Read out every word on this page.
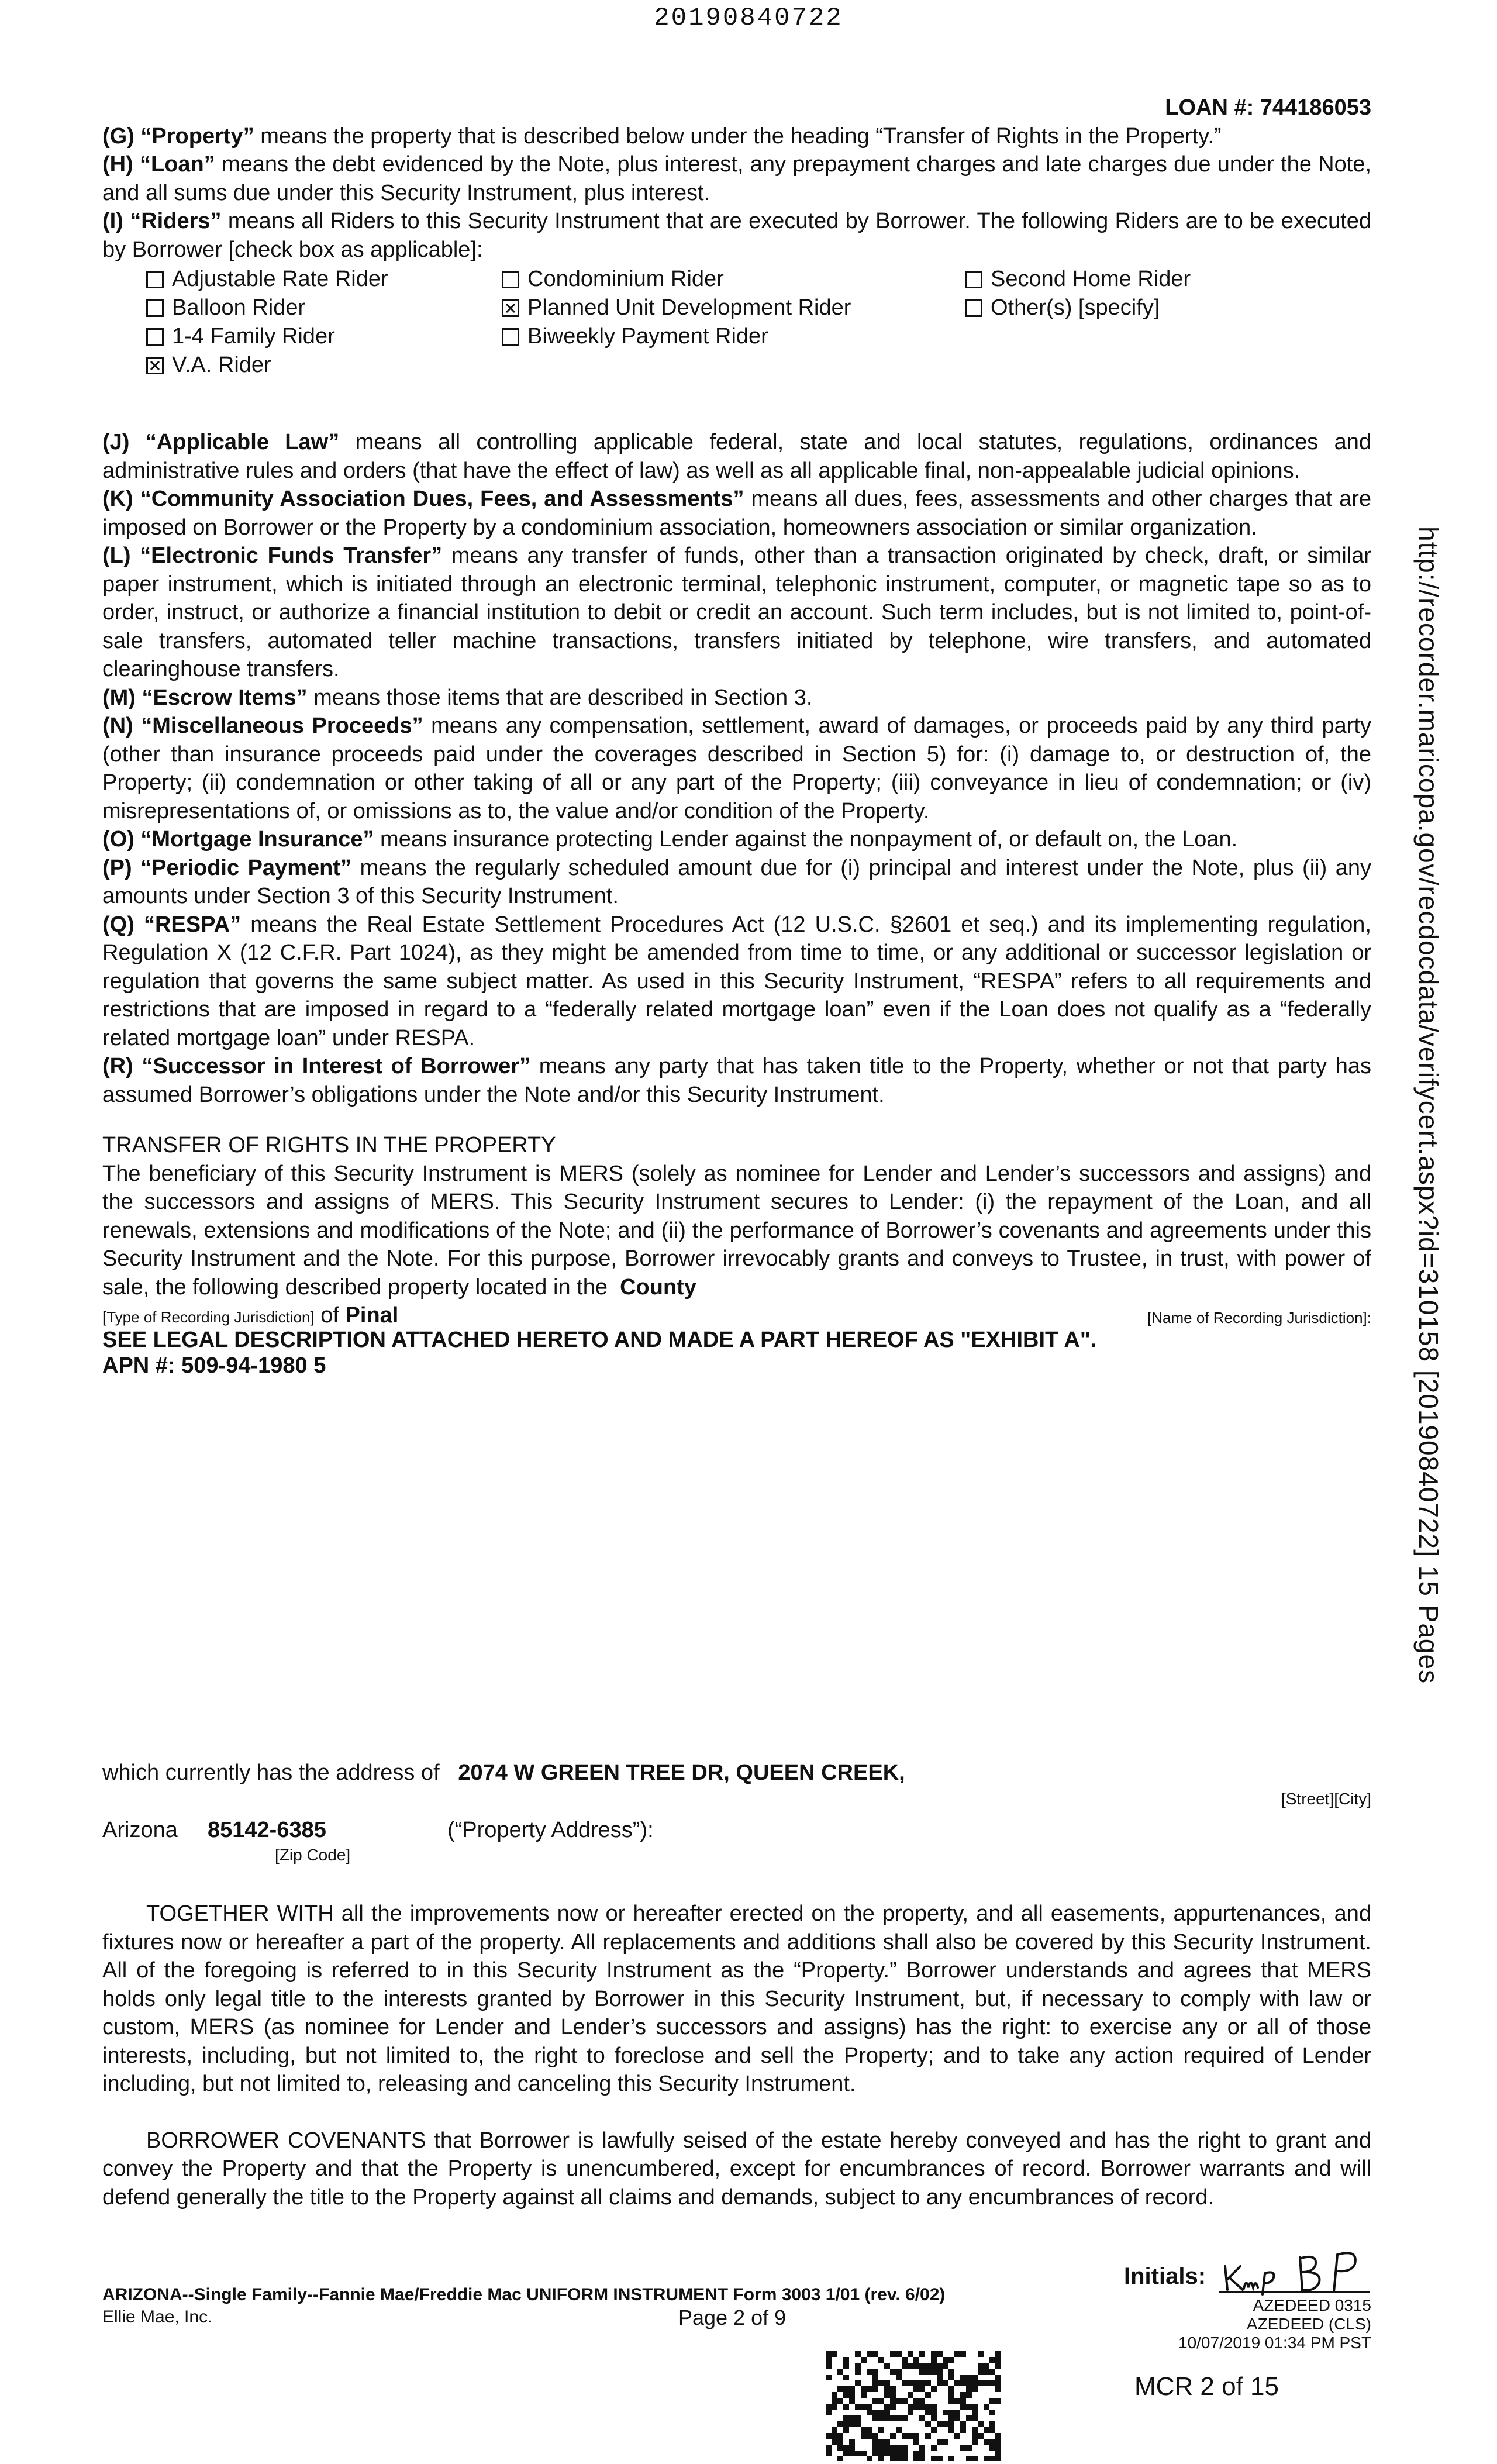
20190840722
http://recorder.maricopa.gov/recdocdata/verifycert.aspx?id=310158 [20190840722] 15 Pages
LOAN #: 744186053

(G) “Property” means the property that is described below under the heading “Transfer of Rights in the Property.”

(H) “Loan” means the debt evidenced by the Note, plus interest, any prepayment charges and late charges due under the Note, and all sums due under this Security Instrument, plus interest.

(I) “Riders” means all Riders to this Security Instrument that are executed by Borrower. The following Riders are to be executed by Borrower [check box as applicable]:

Adjustable Rate Rider	Condominium Rider	Second Home Rider
Balloon Rider	Planned Unit Development Rider	Other(s) [specify]
1-4 Family Rider	Biweekly Payment Rider
V.A. Rider

(J) “Applicable Law” means all controlling applicable federal, state and local statutes, regulations, ordinances and administrative rules and orders (that have the effect of law) as well as all applicable final, non-appealable judicial opinions.

(K) “Community Association Dues, Fees, and Assessments” means all dues, fees, assessments and other charges that are imposed on Borrower or the Property by a condominium association, homeowners association or similar organization.

(L) “Electronic Funds Transfer” means any transfer of funds, other than a transaction originated by check, draft, or similar paper instrument, which is initiated through an electronic terminal, telephonic instrument, computer, or magnetic tape so as to order, instruct, or authorize a financial institution to debit or credit an account. Such term includes, but is not limited to, point-of-sale transfers, automated teller machine transactions, transfers initiated by telephone, wire transfers, and automated clearinghouse transfers.

(M) “Escrow Items” means those items that are described in Section 3.

(N) “Miscellaneous Proceeds” means any compensation, settlement, award of damages, or proceeds paid by any third party (other than insurance proceeds paid under the coverages described in Section 5) for: (i) damage to, or destruction of, the Property; (ii) condemnation or other taking of all or any part of the Property; (iii) conveyance in lieu of condemnation; or (iv) misrepresentations of, or omissions as to, the value and/or condition of the Property.

(O) “Mortgage Insurance” means insurance protecting Lender against the nonpayment of, or default on, the Loan.

(P) “Periodic Payment” means the regularly scheduled amount due for (i) principal and interest under the Note, plus (ii) any amounts under Section 3 of this Security Instrument.

(Q) “RESPA” means the Real Estate Settlement Procedures Act (12 U.S.C. §2601 et seq.) and its implementing regulation, Regulation X (12 C.F.R. Part 1024), as they might be amended from time to time, or any additional or successor legislation or regulation that governs the same subject matter. As used in this Security Instrument, “RESPA” refers to all requirements and restrictions that are imposed in regard to a “federally related mortgage loan” even if the Loan does not qualify as a “federally related mortgage loan” under RESPA.

(R) “Successor in Interest of Borrower” means any party that has taken title to the Property, whether or not that party has assumed Borrower’s obligations under the Note and/or this Security Instrument.

TRANSFER OF RIGHTS IN THE PROPERTY

The beneficiary of this Security Instrument is MERS (solely as nominee for Lender and Lender’s successors and assigns) and the successors and assigns of MERS. This Security Instrument secures to Lender: (i) the repayment of the Loan, and all renewals, extensions and modifications of the Note; and (ii) the performance of Borrower’s covenants and agreements under this Security Instrument and the Note. For this purpose, Borrower irrevocably grants and conveys to Trustee, in trust, with power of sale, the following described property located in the County

[Type of Recording Jurisdiction] of Pinal	[Name of Recording Jurisdiction]:
SEE LEGAL DESCRIPTION ATTACHED HERETO AND MADE A PART HEREOF AS "EXHIBIT A".
APN #: 509-94-1980 5
which currently has the address of 2074 W GREEN TREE DR, QUEEN CREEK,
[Street][City]
Arizona 85142-6385	(“Property Address”):
[Zip Code]

TOGETHER WITH all the improvements now or hereafter erected on the property, and all easements, appurtenances, and fixtures now or hereafter a part of the property. All replacements and additions shall also be covered by this Security Instrument. All of the foregoing is referred to in this Security Instrument as the “Property.” Borrower understands and agrees that MERS holds only legal title to the interests granted by Borrower in this Security Instrument, but, if necessary to comply with law or custom, MERS (as nominee for Lender and Lender’s successors and assigns) has the right: to exercise any or all of those interests, including, but not limited to, the right to foreclose and sell the Property; and to take any action required of Lender including, but not limited to, releasing and canceling this Security Instrument.

BORROWER COVENANTS that Borrower is lawfully seised of the estate hereby conveyed and has the right to grant and convey the Property and that the Property is unencumbered, except for encumbrances of record. Borrower warrants and will defend generally the title to the Property against all claims and demands, subject to any encumbrances of record.

ARIZONA--Single Family--Fannie Mae/Freddie Mac UNIFORM INSTRUMENT Form 3003 1/01 (rev. 6/02)
Ellie Mae, Inc.	Page 2 of 9
Initials:
AZEDEED 0315
AZEDEED (CLS)
10/07/2019 01:34 PM PST
MCR 2 of 15
